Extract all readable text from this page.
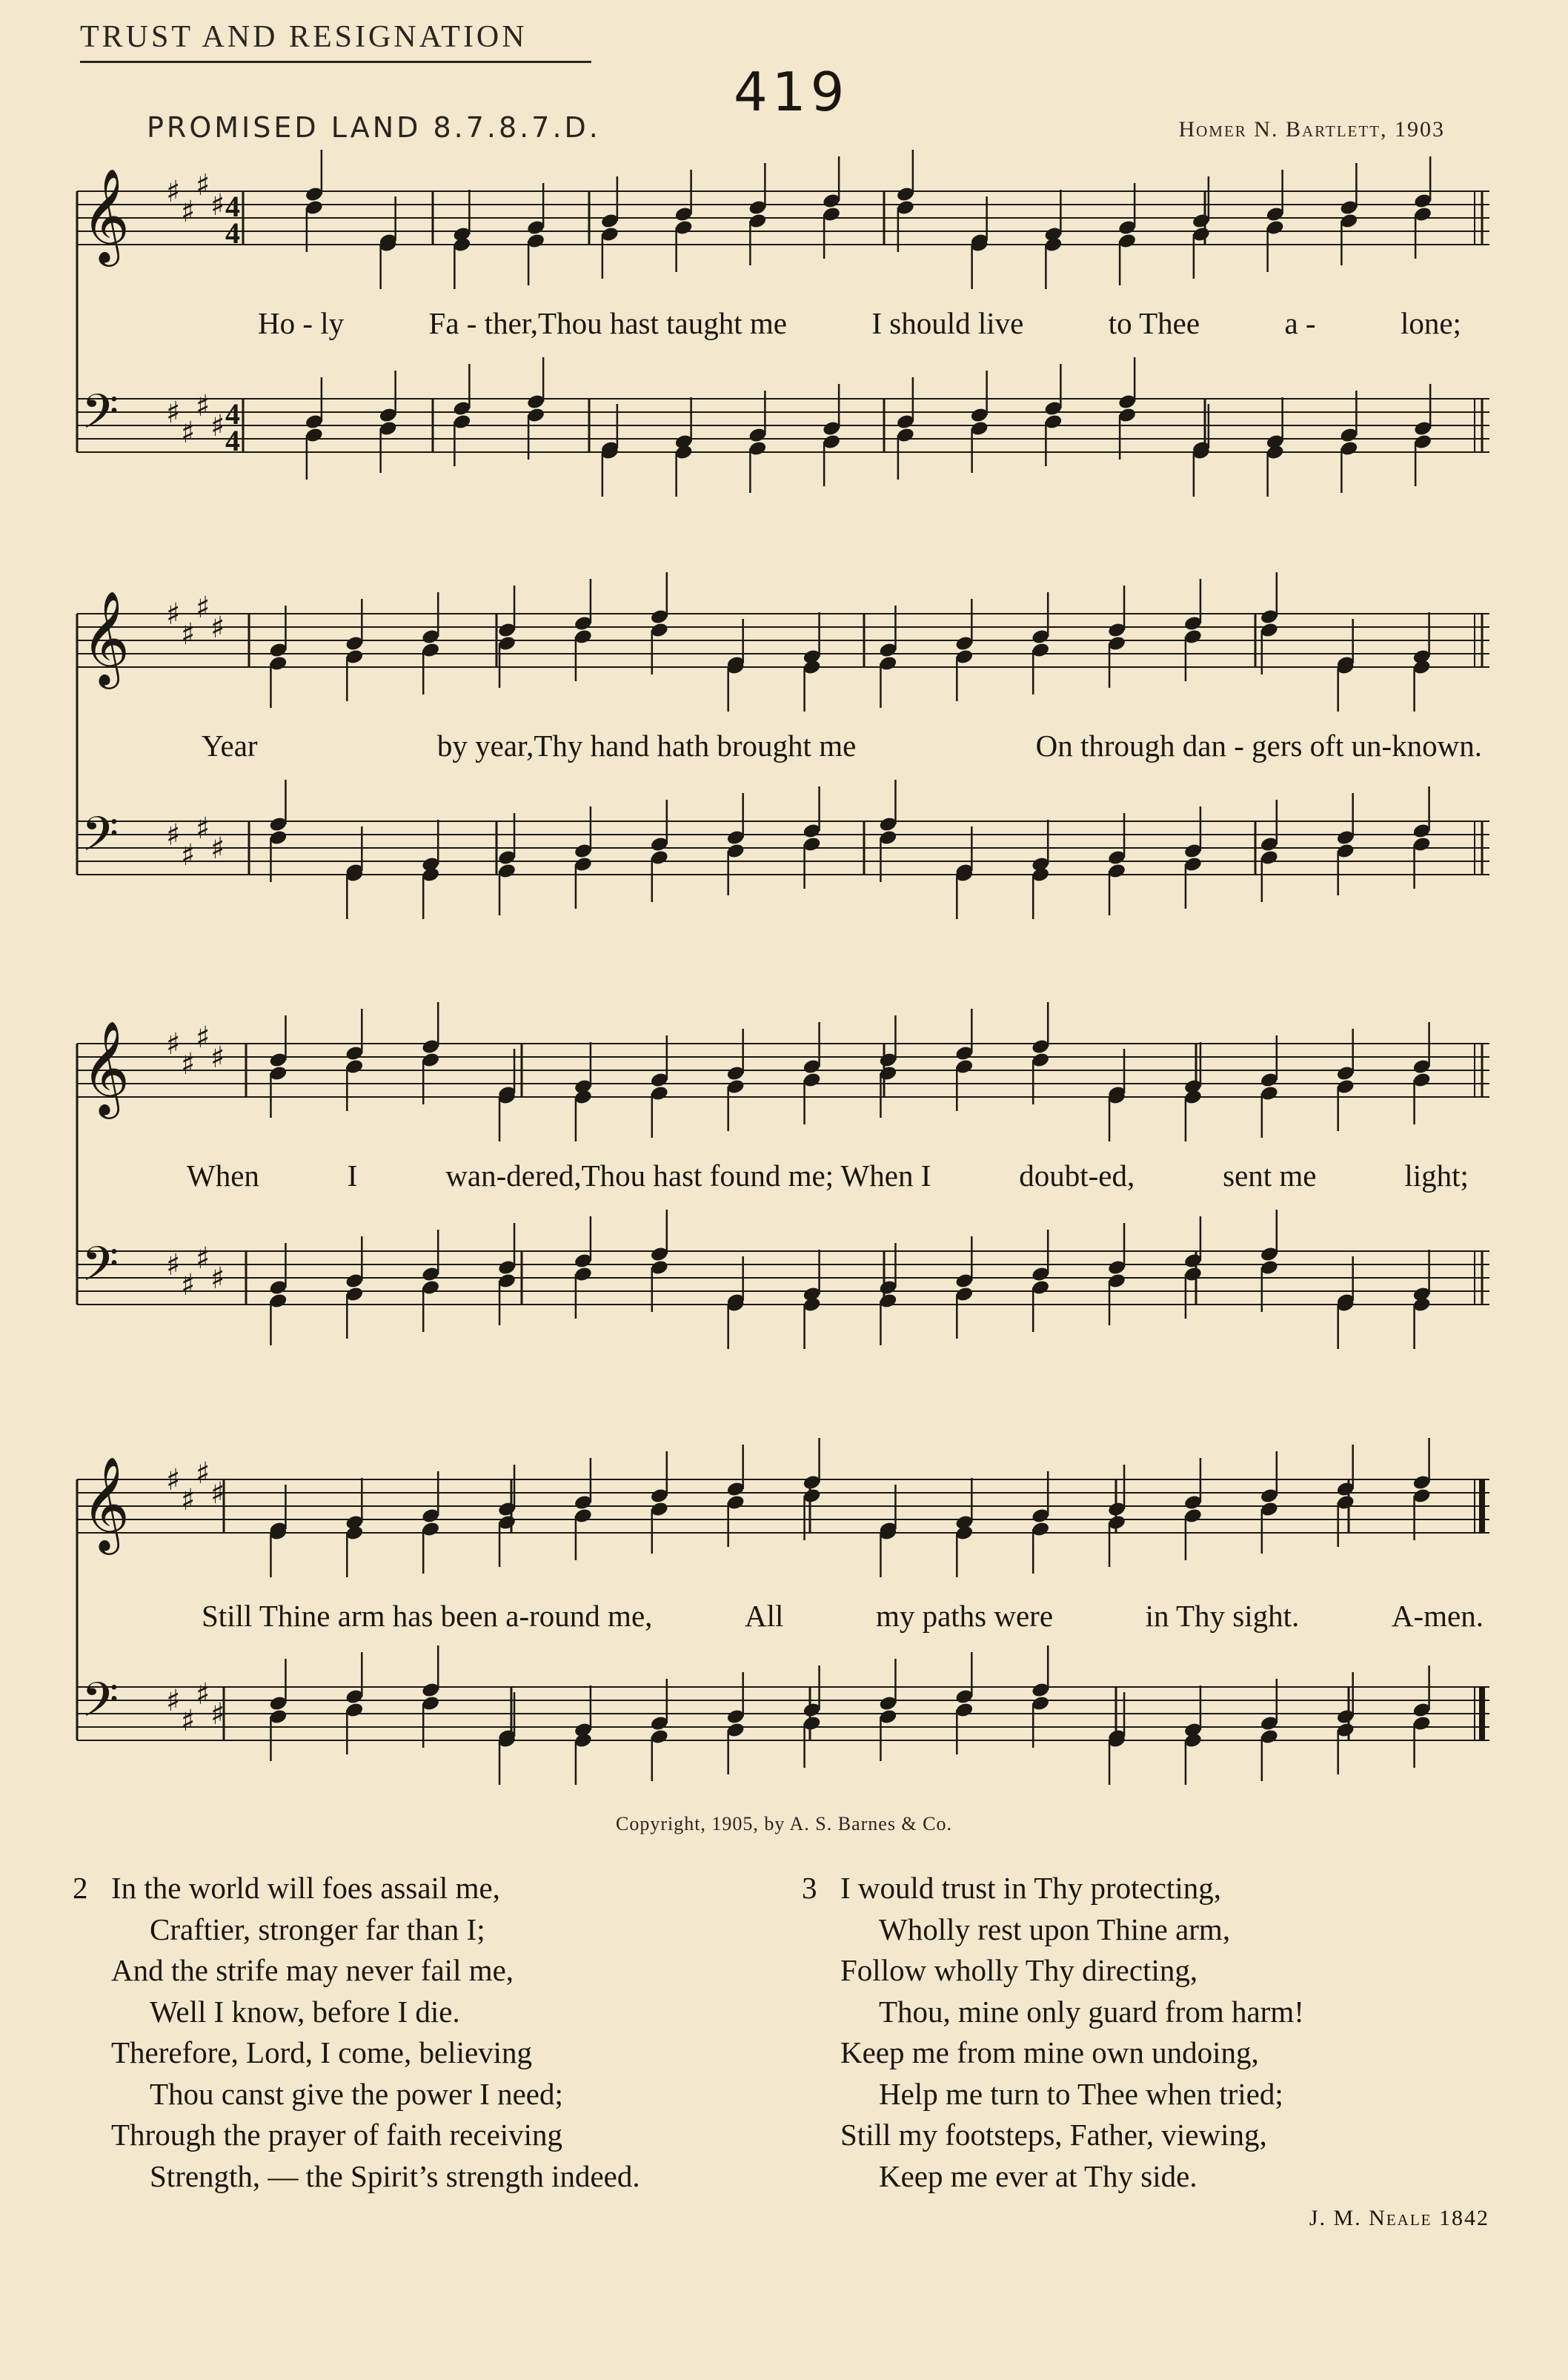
TRUST AND RESIGNATION
419
PROMISED LAND 8.7.8.7.D.	Homer N. Bartlett, 1903
𝄞 ♯
♯
♯
♯ 4
4
𝄢 ♯
♯
♯
♯ 4
4
𝄞 ♯
♯
♯
♯
𝄢 ♯
♯
♯
♯
𝄞 ♯
♯
♯
♯
𝄢 ♯
♯
♯
♯
𝄞 ♯
♯
♯
♯
𝄢 ♯
♯
♯
♯
Ho - ly	Fa - ther,Thou hast taught me	I should live	to Thee	a -	lone;
Year	by year,Thy hand hath brought me	On through dan - gers oft un-known.
When	I	wan-dered,Thou hast found me; When I	doubt-ed,	sent me	light;
Still Thine arm has been a-round me,	All	my paths were	in Thy sight.	A-men.
Copyright, 1905, by A. S. Barnes & Co.
2 In the world will foes assail me,
Craftier, stronger far than I;
And the strife may never fail me,
Well I know, before I die.
Therefore, Lord, I come, believing
Thou canst give the power I need;
Through the prayer of faith receiving
Strength, — the Spirit’s strength indeed.
3 I would trust in Thy protecting,
Wholly rest upon Thine arm,
Follow wholly Thy directing,
Thou, mine only guard from harm!
Keep me from mine own undoing,
Help me turn to Thee when tried;
Still my footsteps, Father, viewing,
Keep me ever at Thy side.
J. M. Neale 1842
